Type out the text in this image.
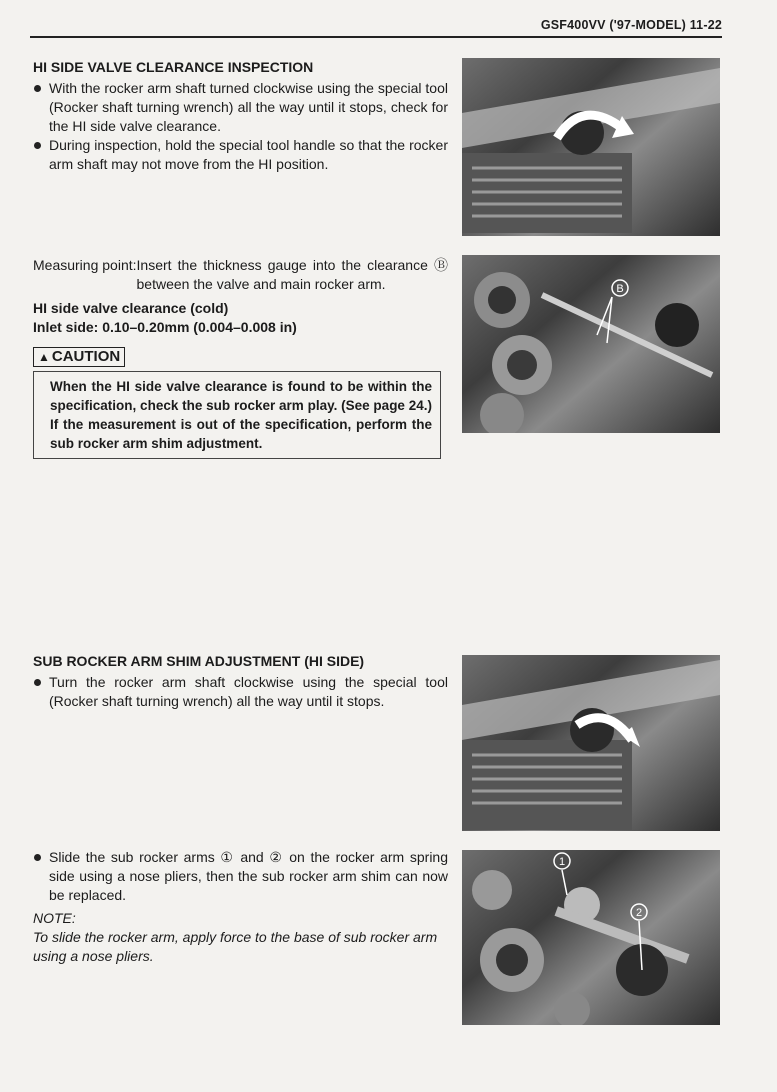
GSF400VV ('97-MODEL) 11-22
HI SIDE VALVE CLEARANCE INSPECTION
With the rocker arm shaft turned clockwise using the special tool (Rocker shaft turning wrench) all the way until it stops, check for the HI side valve clearance.
During inspection, hold the special tool handle so that the rocker arm shaft may not move from the HI position.
Measuring point: Insert the thickness gauge into the clearance Ⓑ between the valve and main rocker arm.
HI side valve clearance (cold)
Inlet side: 0.10–0.20mm (0.004–0.008 in)
▲ CAUTION
When the HI side valve clearance is found to be within the specification, check the sub rocker arm play. (See page 24.) If the measurement is out of the specification, perform the sub rocker arm shim adjustment.
SUB ROCKER ARM SHIM ADJUSTMENT (HI SIDE)
Turn the rocker arm shaft clockwise using the special tool (Rocker shaft turning wrench) all the way until it stops.
Slide the sub rocker arms ① and ② on the rocker arm spring side using a nose pliers, then the sub rocker arm shim can now be replaced.
NOTE:
To slide the rocker arm, apply force to the base of sub rocker arm using a nose pliers.
B
1
2
